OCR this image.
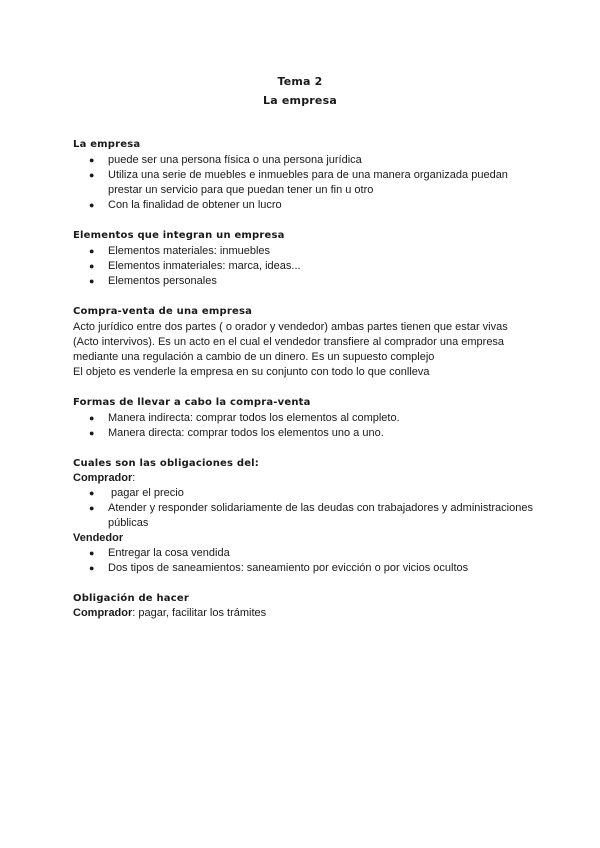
Tema 2
La empresa
La empresa
● puede ser una persona física o una persona jurídica
● Utiliza una serie de muebles e inmuebles para de una manera organizada puedan prestar un servicio para que puedan tener un fin u otro
● Con la finalidad de obtener un lucro
Elementos que integran un empresa
● Elementos materiales: inmuebles
● Elementos inmateriales: marca, ideas...
● Elementos personales
Compra-venta de una empresa

Acto jurídico entre dos partes ( o orador y vendedor) ambas partes tienen que estar vivas (Acto intervivos). Es un acto en el cual el vendedor transfiere al comprador una empresa mediante una regulación a cambio de un dinero. Es un supuesto complejo

El objeto es venderle la empresa en su conjunto con todo lo que conlleva

Formas de llevar a cabo la compra-venta
● Manera indirecta: comprar todos los elementos al completo.
● Manera directa: comprar todos los elementos uno a uno.
Cuales son las obligaciones del:
Comprador:
● pagar el precio
● Atender y responder solidariamente de las deudas con trabajadores y administraciones públicas
Vendedor
● Entregar la cosa vendida
● Dos tipos de saneamientos: saneamiento por evicción o por vicios ocultos
Obligación de hacer
Comprador: pagar, facilitar los trámites
